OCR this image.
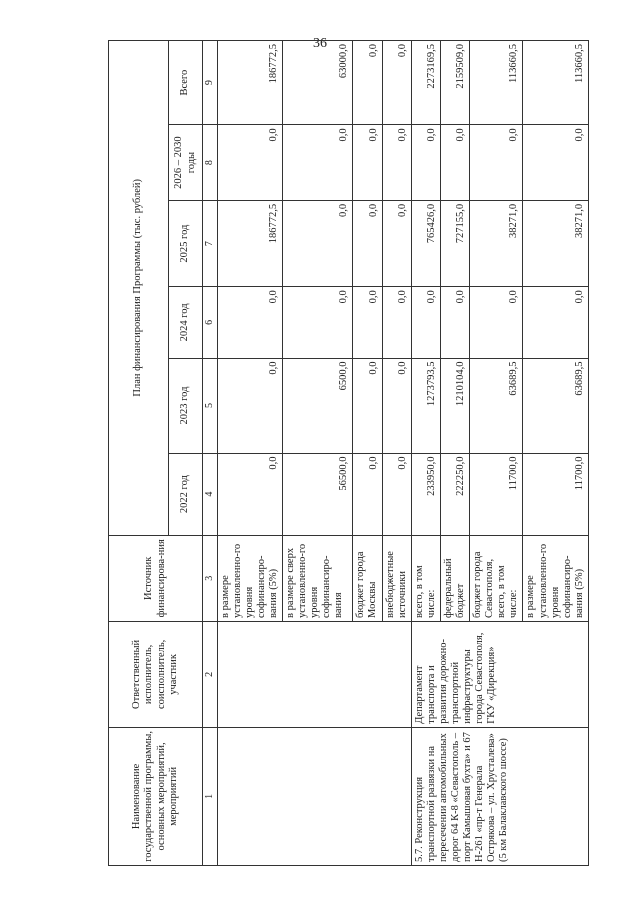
36
Наименование государственной программы, основных мероприятий, мероприятий	Ответственный исполнитель, соисполнитель, участник	Источник финансирова-ния	План финансирования Программы (тыс. рублей)					
			2022 год	2023 год	2024 год	2025 год	2026 – 2030 годы	Всего
1	2	3	4	5	6	7	8	9
		в размере установленно-го уровня софинансиро-вания (5%)	0,0	0,0	0,0	186772,5	0,0	186772,5
		в размере сверх установленно-го уровня софинансиро-вания	56500,0	6500,0	0,0	0,0	0,0	63000,0
		бюджет города Москвы	0,0	0,0	0,0	0,0	0,0	0,0
		внебюджетные источники	0,0	0,0	0,0	0,0	0,0	0,0
5.7. Реконструкция транспортной развязки на пересечении автомобильных дорог 64 К-8 «Севастополь – порт Камышовая бухта» и 67 Н-261 «пр-т Генерала Острякова – ул. Хрусталева» (5 км Балаклавского шоссе)	Департамент транспорта и развития дорожно-транспортной инфраструктуры города Севастополя, ГКУ «Дирекция»	всего, в том числе:	233950,0	1273793,5	0,0	765426,0	0,0	2273169,5
		федеральный бюджет	222250,0	1210104,0	0,0	727155,0	0,0	2159509,0
		бюджет города Севастополя, всего, в том числе:	11700,0	63689,5	0,0	38271,0	0,0	113660,5
		в размере установленно-го уровня софинансиро-вания (5%)	11700,0	63689,5	0,0	38271,0	0,0	113660,5
